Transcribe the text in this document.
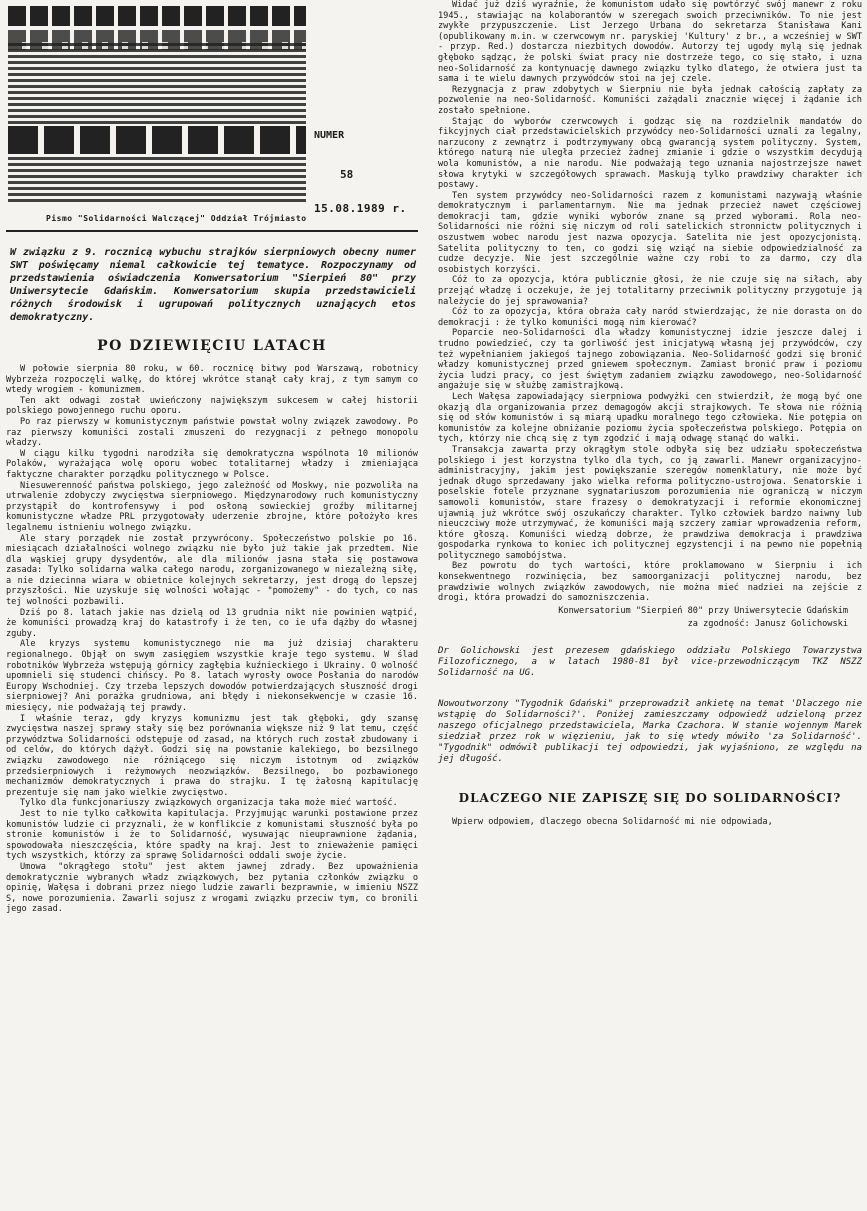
NUMER
58
15.08.1989 r.
Pismo "Solidarności Walczącej" Oddział Trójmiasto
W związku z 9. rocznicą wybuchu strajków sierpniowych obecny numer SWT poświęcamy niemal całkowicie tej tematyce. Rozpoczynamy od przedstawienia oświadczenia Konwersatorium "Sierpień 80" przy Uniwersytecie Gdańskim. Konwersatorium skupia przedstawicieli różnych środowisk i ugrupowań politycznych uznających etos demokratyczny.
PO DZIEWIĘCIU LATACH

W połowie sierpnia 80 roku, w 60. rocznicę bitwy pod Warszawą, robotnicy Wybrzeża rozpoczęli walkę, do której wkrótce stanął cały kraj, z tym samym co wtedy wrogiem - komunizmem.

Ten akt odwagi został uwieńczony największym sukcesem w całej historii polskiego powojennego ruchu oporu.

Po raz pierwszy w komunistycznym państwie powstał wolny związek zawodowy. Po raz pierwszy komuniści zostali zmuszeni do rezygnacji z pełnego monopolu władzy.

W ciągu kilku tygodni narodziła się demokratyczna wspólnota 10 milionów Polaków, wyrażająca wolę oporu wobec totalitarnej władzy i zmieniająca faktyczne charakter porządku politycznego w Polsce.

Niesuwerenność państwa polskiego, jego zależność od Moskwy, nie pozwoliła na utrwalenie zdobyczy zwycięstwa sierpniowego. Międzynarodowy ruch komunistyczny przystąpił do kontrofensywy i pod osłoną sowieckiej groźby militarnej komunistyczne władze PRL przygotowały uderzenie zbrojne, które położyło kres legalnemu istnieniu wolnego związku.

Ale stary porządek nie został przywrócony. Społeczeństwo polskie po 16. miesiącach działalności wolnego związku nie było już takie jak przedtem. Nie dla wąskiej grupy dysydentów, ale dla milionów jasna stała się postawowa zasada: Tylko solidarna walka całego narodu, zorganizowanego w niezależną siłę, a nie dziecinna wiara w obietnice kolejnych sekretarzy, jest drogą do lepszej przyszłości. Nie uzyskuje się wolności wołając - "pomożemy" - do tych, co nas tej wolności pozbawili.

Dziś po 8. latach jakie nas dzielą od 13 grudnia nikt nie powinien wątpić, że komuniści prowadzą kraj do katastrofy i że ten, co ie ufa dążby do własnej zguby.

Ale kryzys systemu komunistycznego nie ma już dzisiaj charakteru regionalnego. Objął on swym zasięgiem wszystkie kraje tego systemu. W ślad robotników Wybrzeża wstępują górnicy zagłębia kuźnieckiego i Ukrainy. O wolność upomnieli się studenci chińscy. Po 8. latach wyrosły owoce Posłania do narodów Europy Wschodniej. Czy trzeba lepszych dowodów potwierdzających słuszność drogi sierpniowej? Ani porażka grudniowa, ani błędy i niekonsekwencje w czasie 16. miesięcy, nie podważają tej prawdy.

I właśnie teraz, gdy kryzys komunizmu jest tak głęboki, gdy szansę zwycięstwa naszej sprawy stały się bez porównania większe niż 9 lat temu, część przywództwa Solidarności odstępuje od zasad, na których ruch został zbudowany i od celów, do których dążył. Godzi się na powstanie kalekiego, bo bezsilnego związku zawodowego nie różniącego się niczym istotnym od związków przedsierpniowych i reżymowych neozwiązków. Bezsilnego, bo pozbawionego mechanizmów demokratycznych i prawa do strajku. I tę żałosną kapitulację prezentuje się nam jako wielkie zwycięstwo.

Tylko dla funkcjonariuszy związkowych organizacja taka może mieć wartość.

Jest to nie tylko całkowita kapitulacja. Przyjmując warunki postawione przez komunistów ludzie ci przyznali, że w konflikcie z komunistami słuszność była po stronie komunistów i że to Solidarność, wysuwając nieuprawnione żądania, spowodowała nieszczęścia, które spadły na kraj. Jest to znieważenie pamięci tych wszystkich, którzy za sprawę Solidarności oddali swoje życie.

Umowa "okrągłego stołu" jest aktem jawnej zdrady. Bez upoważnienia demokratycznie wybranych władz związkowych, bez pytania członków związku o opinię, Wałęsa i dobrani przez niego ludzie zawarli bezprawnie, w imieniu NSZZ S, nowe porozumienia. Zawarli sojusz z wrogami związku przeciw tym, co bronili jego zasad.

Widać już dziś wyraźnie, że komunistom udało się powtórzyć swój manewr z roku 1945., stawiając na kolaborantów w szeregach swoich przeciwników. To nie jest zwykłe przypuszczenie. List Jerzego Urbana do sekretarza Stanisława Kani (opublikowany m.in. w czerwcowym nr. paryskiej 'Kultury' z br., a wcześniej w SWT - przyp. Red.) dostarcza niezbitych dowodów. Autorzy tej ugody mylą się jednak głęboko sądząc, że polski świat pracy nie dostrzeże tego, co się stało, i uzna neo-Solidarność za kontynuację dawnego związku tylko dlatego, że otwiera just ta sama i te wielu dawnych przywódców stoi na jej czele.

Rezygnacja z praw zdobytych w Sierpniu nie była jednak całością zapłaty za pozwolenie na neo-Solidarność. Komuniści zażądali znacznie więcej i żądanie ich zostało spełnione.

Stając do wyborów czerwcowych i godząc się na rozdzielnik mandatów do fikcyjnych ciał przedstawicielskich przywódcy neo-Solidarności uznali za legalny, narzucony z zewnątrz i podtrzymywany obcą gwarancją system polityczny. System, którego naturą nie uległa przecież żadnej zmianie i gdzie o wszystkim decydują wola komunistów, a nie narodu. Nie podważają tego uznania najostrzejsze nawet słowa krytyki w szczegółowych sprawach. Maskują tylko prawdziwy charakter ich postawy.

Ten system przywódcy neo-Solidarności razem z komunistami nazywają właśnie demokratycznym i parlamentarnym. Nie ma jednak przecież nawet częściowej demokracji tam, gdzie wyniki wyborów znane są przed wyborami. Rola neo-Solidarności nie różni się niczym od roli satelickich stronnictw politycznych i oszustwem wobec narodu jest nazwa opozycja. Satelita nie jest opozycjonistą. Satelita polityczny to ten, co godzi się wziąć na siebie odpowiedzialność za cudze decyzje. Nie jest szczególnie ważne czy robi to za darmo, czy dla osobistych korzyści.

Cóż to za opozycja, która publicznie głosi, że nie czuje się na siłach, aby przejąć władzę i oczekuje, że jej totalitarny przeciwnik polityczny przygotuje ją należycie do jej sprawowania?

Cóż to za opozycja, która obraża cały naród stwierdzając, że nie dorasta on do demokracji : że tylko komuniści mogą nim kierować?

Poparcie neo-Solidarności dla władzy komunistycznej idzie jeszcze dalej i trudno powiedzieć, czy ta gorliwość jest inicjatywą własną jej przywódców, czy też wypełnianiem jakiegoś tajnego zobowiązania. Neo-Solidarność godzi się bronić władzy komunistycznej przed gniewem społecznym. Zamiast bronić praw i poziomu życia ludzi pracy, co jest świętym zadaniem związku zawodowego, neo-Solidarność angażuje się w służbę zamistrajkową.

Lech Wałęsa zapowiadający sierpniowa podwyżki cen stwierdził, że mogą być one okazją dla organizowania przez demagogów akcji strajkowych. Te słowa nie różnią się od słów komunistów i są miarą upadku moralnego tego człowieka. Nie potępia on komunistów za kolejne obniżanie poziomu życia społeczeństwa polskiego. Potępia on tych, którzy nie chcą się z tym zgodzić i mają odwagę stanąć do walki.

Transakcja zawarta przy okrągłym stole odbyła się bez udziału społeczeństwa polskiego i jest korzystna tylko dla tych, co ją zawarli. Manewr organizacyjno-administracyjny, jakim jest powiększanie szeregów nomenklatury, nie może być jednak długo sprzedawany jako wielka reforma polityczno-ustrojowa. Senatorskie i poselskie fotele przyznane sygnatariuszom porozumienia nie ograniczą w niczym samowoli komunistów, stare frazesy o demokratyzacji i reformie ekonomicznej ujawnią już wkrótce swój oszukańczy charakter. Tylko człowiek bardzo naiwny lub nieuczciwy może utrzymywać, że komuniści mają szczery zamiar wprowadzenia reform, które głoszą. Komuniści wiedzą dobrze, że prawdziwa demokracja i prawdziwa gospodarka rynkowa to koniec ich politycznej egzystencji i na pewno nie popełnią politycznego samobójstwa.

Bez powrotu do tych wartości, które proklamowano w Sierpniu i ich konsekwentnego rozwinięcia, bez samoorganizacji politycznej narodu, bez prawdziwie wolnych związków zawodowych, nie można mieć nadziei na zejście z drogi, która prowadzi do samozniszczenia.

Konwersatorium "Sierpień 80" przy Uniwersytecie Gdańskim
za zgodność: Janusz Golichowski
Dr Golichowski jest prezesem gdańskiego oddziału Polskiego Towarzystwa Filozoficznego, a w latach 1980-81 był vice-przewodniczącym TKZ NSZZ Solidarność na UG.
Nowoutworzony "Tygodnik Gdański" przeprowadził ankietę na temat 'Dlaczego nie wstąpię do Solidarności?'. Poniżej zamieszczamy odpowiedź udzieloną przez naszego oficjalnego przedstawiciela, Marka Czachora. W stanie wojennym Marek siedział przez rok w więzieniu, jak to się wtedy mówiło 'za Solidarność'. "Tygodnik" odmówił publikacji tej odpowiedzi, jak wyjaśniono, ze względu na jej długość.
DLACZEGO NIE ZAPISZĘ SIĘ DO SOLIDARNOŚCI?
Wpierw odpowiem, dlaczego obecna Solidarność mi nie odpowiada,
